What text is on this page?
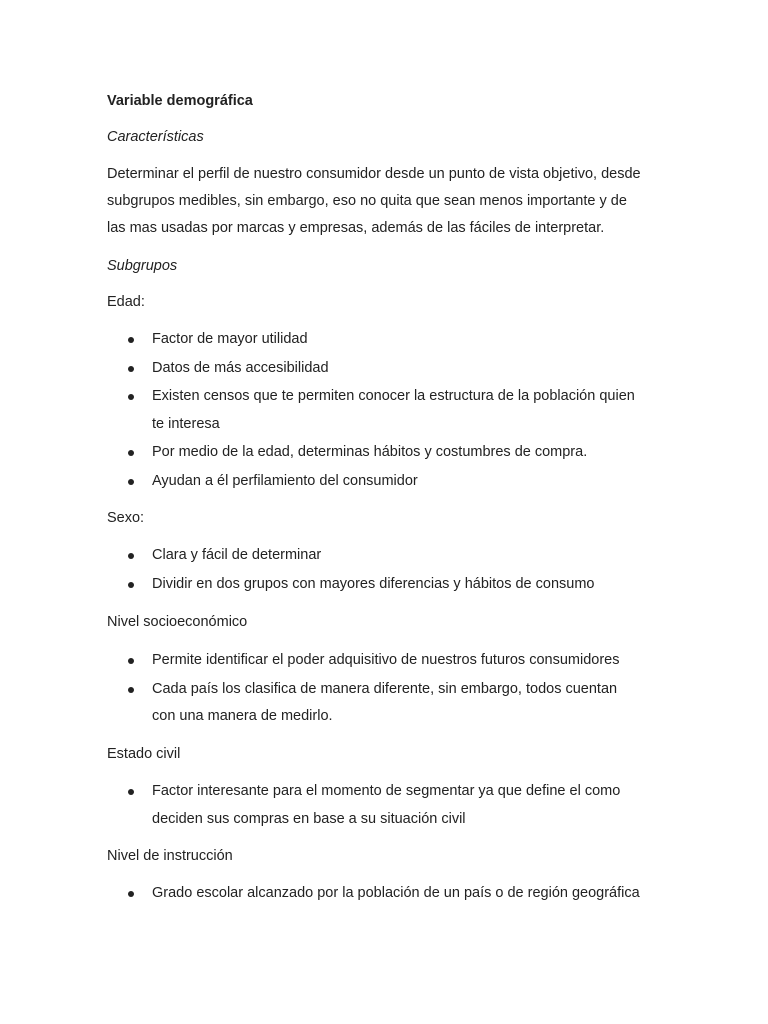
Variable demográfica

Características

Determinar el perfil de nuestro consumidor desde un punto de vista objetivo, desde
subgrupos medibles, sin embargo, eso no quita que sean menos importante y de
las mas usadas por marcas y empresas, además de las fáciles de interpretar.

Subgrupos

Edad:

Factor de mayor utilidad
Datos de más accesibilidad
Existen censos que te permiten conocer la estructura de la población quien
te interesa
Por medio de la edad, determinas hábitos y costumbres de compra.
Ayudan a él perfilamiento del consumidor

Sexo:

Clara y fácil de determinar
Dividir en dos grupos con mayores diferencias y hábitos de consumo

Nivel socioeconómico

Permite identificar el poder adquisitivo de nuestros futuros consumidores
Cada país los clasifica de manera diferente, sin embargo, todos cuentan
con una manera de medirlo.

Estado civil

Factor interesante para el momento de segmentar ya que define el como
deciden sus compras en base a su situación civil

Nivel de instrucción

Grado escolar alcanzado por la población de un país o de región geográfica
